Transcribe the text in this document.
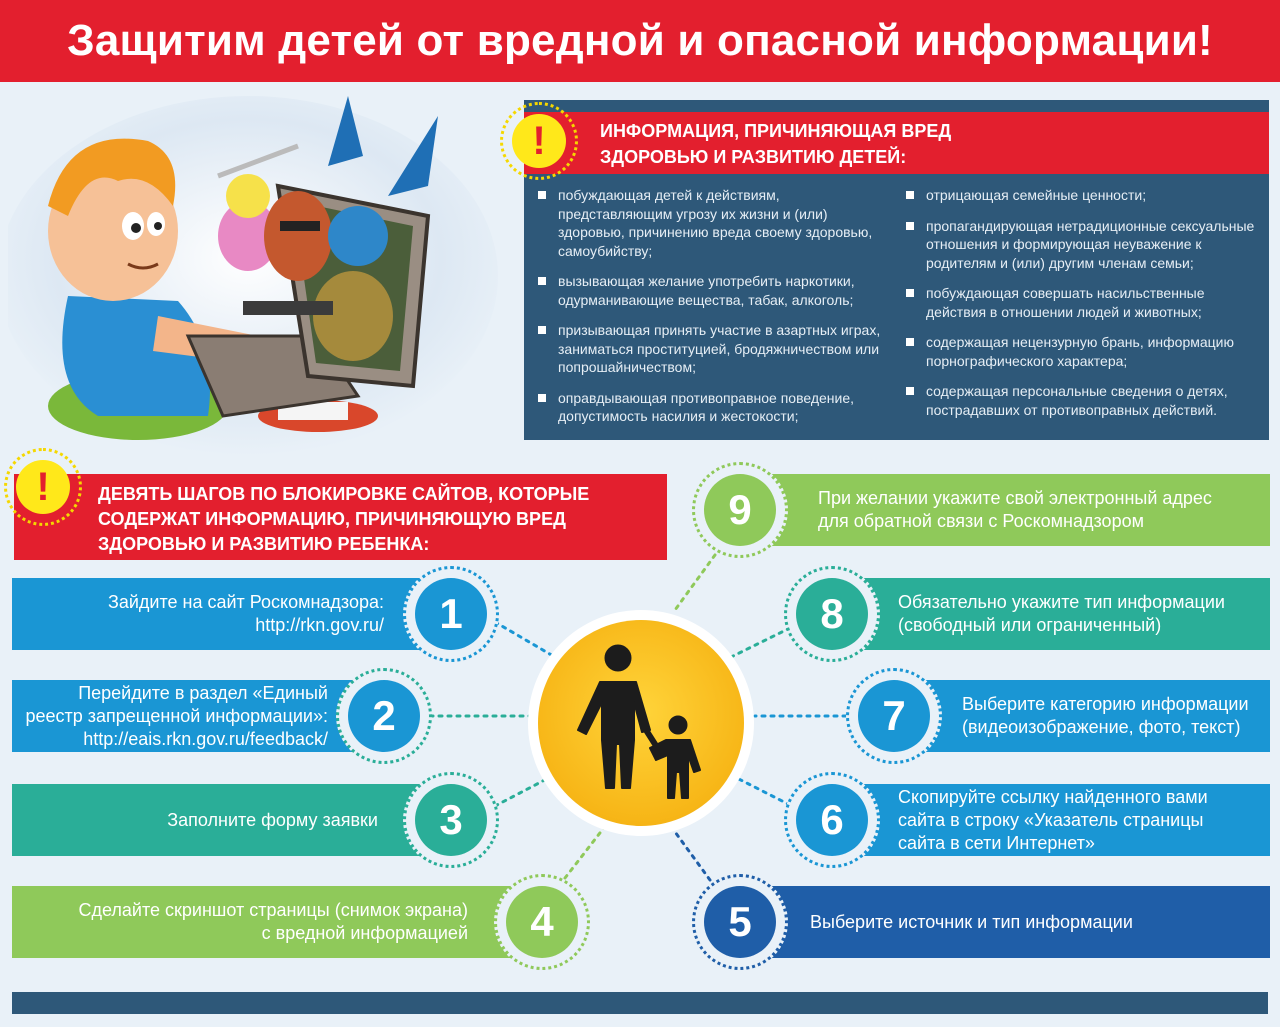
Защитим детей от вредной и опасной информации!
ИНФОРМАЦИЯ, ПРИЧИНЯЮЩАЯ ВРЕД
ЗДОРОВЬЮ И РАЗВИТИЮ ДЕТЕЙ:
!
побуждающая детей к действиям, представляющим угрозу их жизни и (или) здоровью, причинению вреда своему здоровью, самоубийству;
вызывающая желание употребить наркотики, одурманивающие вещества, табак, алкоголь;
призывающая принять участие в азартных играх, заниматься проституцией, бродяжничеством или попрошайничеством;
оправдывающая противоправное поведение, допустимость насилия и жестокости;
отрицающая семейные ценности;
пропагандирующая нетрадиционные сексуальные отношения и формирующая неуважение к родителям и (или) другим членам семьи;
побуждающая совершать насильственные действия в отношении людей и животных;
содержащая нецензурную брань, информацию порнографического характера;
содержащая персональные сведения о детях, пострадавших от противоправных действий.
ДЕВЯТЬ ШАГОВ ПО БЛОКИРОВКЕ САЙТОВ, КОТОРЫЕ
СОДЕРЖАТ ИНФОРМАЦИЮ, ПРИЧИНЯЮЩУЮ ВРЕД
ЗДОРОВЬЮ И РАЗВИТИЮ РЕБЕНКА:
!
Зайдите на сайт Роскомнадзора:
http://rkn.gov.ru/
Перейдите в раздел «Единый
реестр запрещенной информации»:
http://eais.rkn.gov.ru/feedback/
Заполните форму заявки
Сделайте скриншот страницы (снимок экрана)
с вредной информацией
При желании укажите свой электронный адрес
для обратной связи с Роскомнадзором
Обязательно укажите тип информации
(свободный или ограниченный)
Выберите категорию информации
(видеоизображение, фото, текст)
Скопируйте ссылку найденного вами
сайта в строку «Указатель страницы
сайта в сети Интернет»
Выберите источник и тип информации
1
2
3
4	5
6
7
8
9
